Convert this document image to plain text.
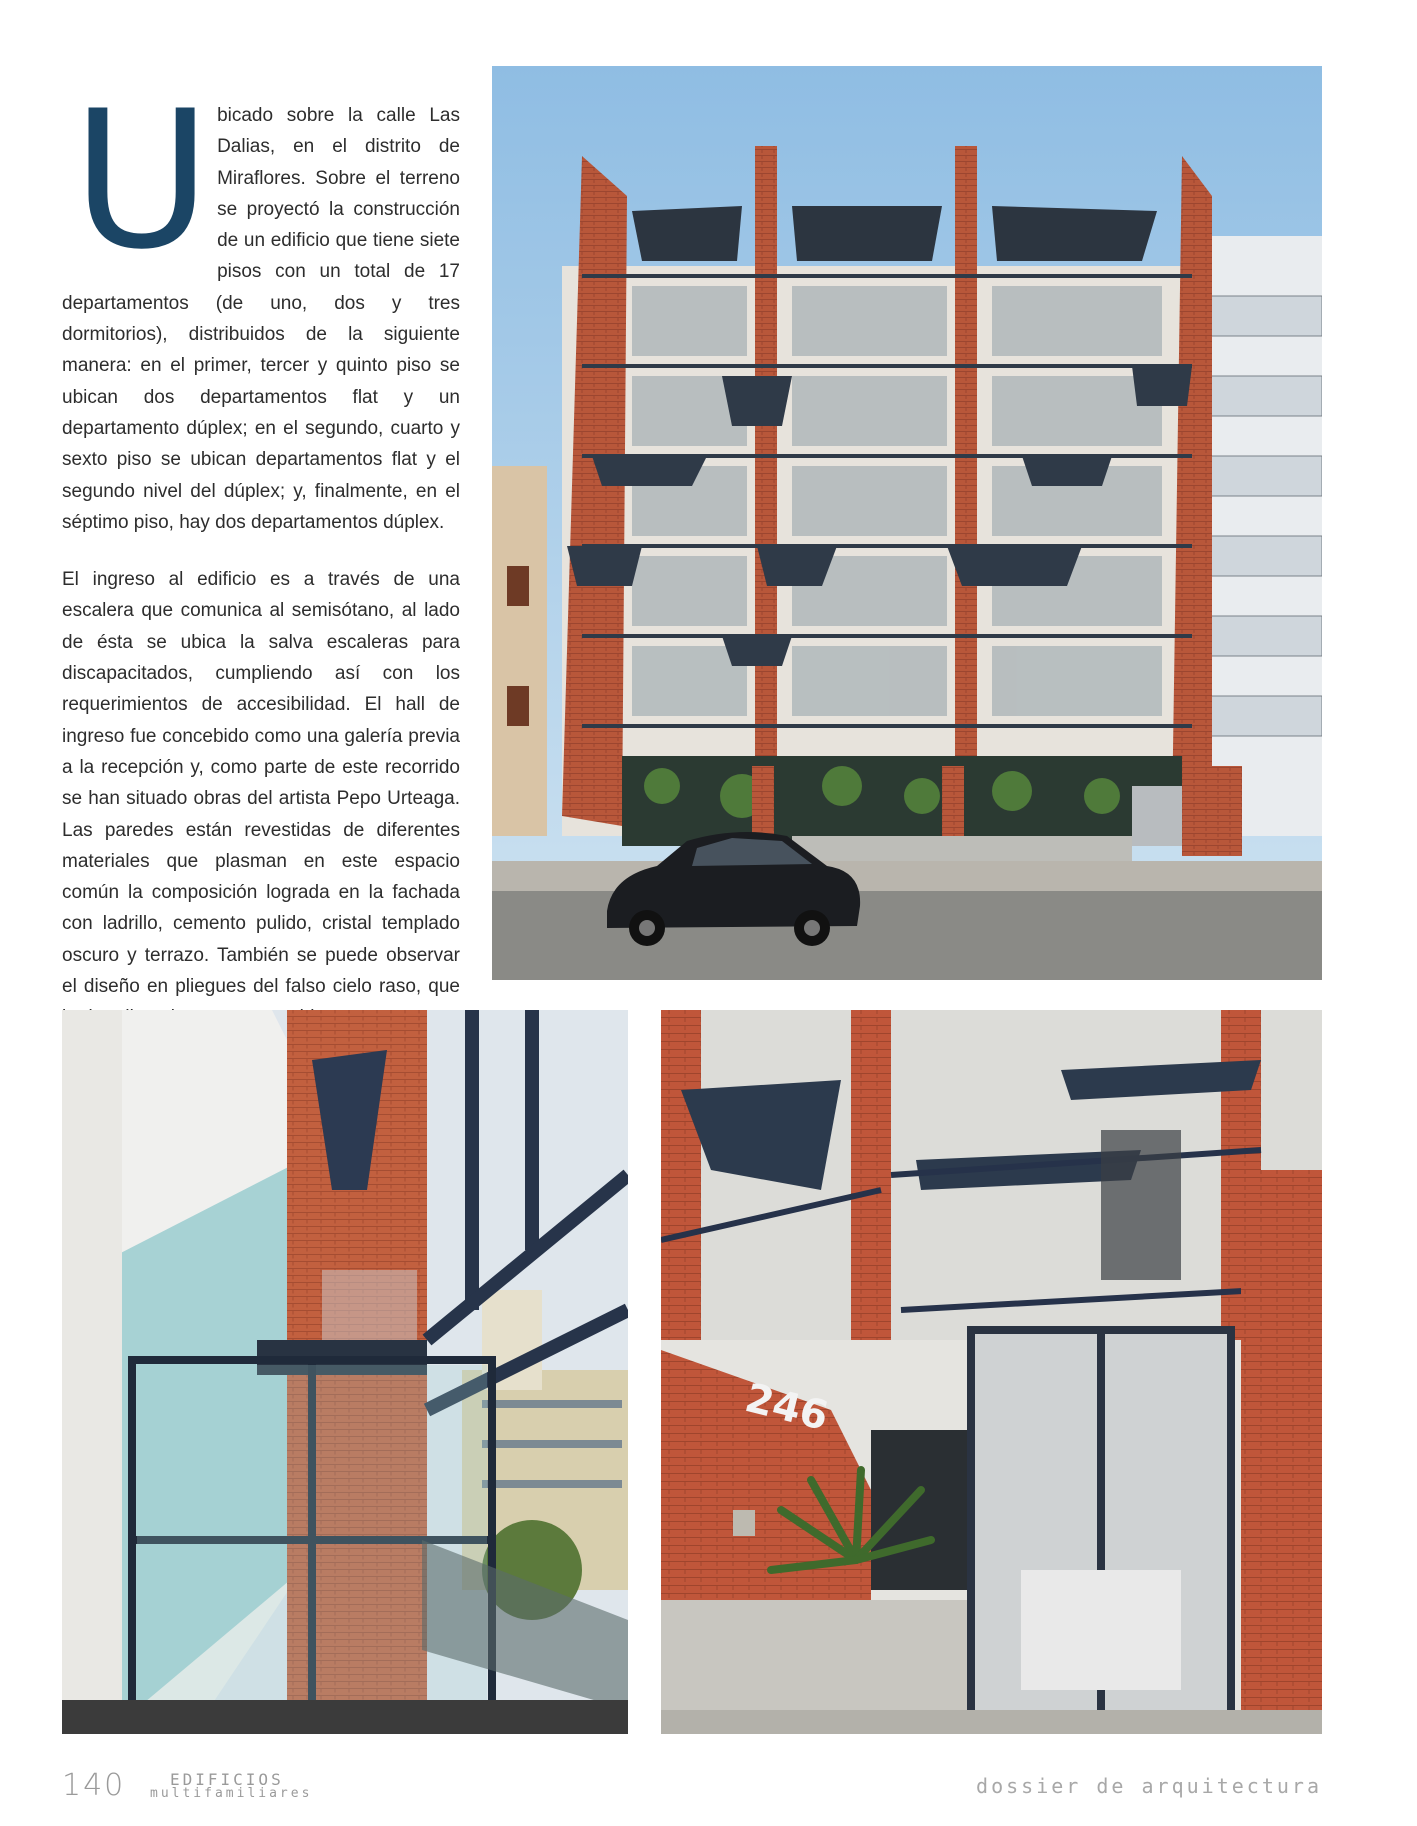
U bicado sobre la calle Las Dalias, en el distrito de Miraflores. Sobre el terreno se proyectó la construcción de un edificio que tiene siete pisos con un total de 17 departamentos (de uno, dos y tres dormitorios), distribuidos de la siguiente manera: en el primer, tercer y quinto piso se ubican dos departamentos flat y un departamento dúplex; en el segundo, cuarto y sexto piso se ubican departamentos flat y el segundo nivel del dúplex; y, finalmente, en el séptimo piso, hay dos departamentos dúplex.

El ingreso al edificio es a través de una escalera que comunica al semisótano, al lado de ésta se ubica la salva escaleras para discapacitados, cumpliendo así con los requerimientos de accesibilidad. El hall de ingreso fue concebido como una galería previa a la recepción y, como parte de este recorrido se han situado obras del artista Pepo Urteaga. Las paredes están revestidas de diferentes materiales que plasman en este espacio común la composición lograda en la fachada con ladrillo, cemento pulido, cristal templado oscuro y terrazo. También se puede observar el diseño en pliegues del falso cielo raso, que

246
140	EDIFICIOS
multifamiliares	dossier de arquitectura
